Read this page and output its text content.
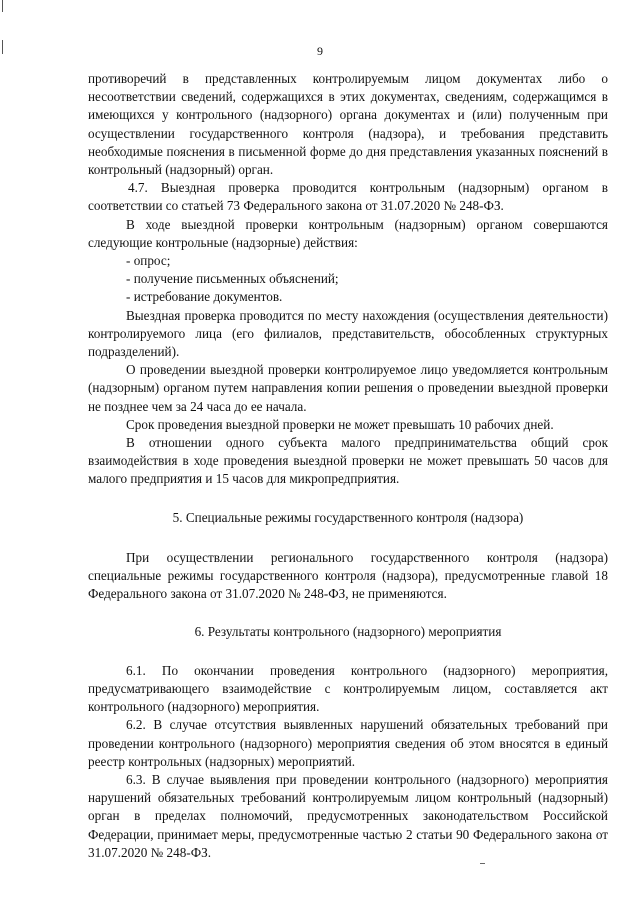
9

противоречий в представленных контролируемым лицом документах либо о несоответствии сведений, содержащихся в этих документах, сведениям, содержащимся в имеющихся у контрольного (надзорного) органа документах и (или) полученным при осуществлении государственного контроля (надзора), и требования представить необходимые пояснения в письменной форме до дня представления указанных пояснений в контрольный (надзорный) орган.

4.7. Выездная проверка проводится контрольным (надзорным) органом в соответствии со статьей 73 Федерального закона от 31.07.2020 № 248-ФЗ.

В ходе выездной проверки контрольным (надзорным) органом совершаются следующие контрольные (надзорные) действия:

- опрос;

- получение письменных объяснений;

- истребование документов.

Выездная проверка проводится по месту нахождения (осуществления деятельности) контролируемого лица (его филиалов, представительств, обособленных структурных подразделений).

О проведении выездной проверки контролируемое лицо уведомляется контрольным (надзорным) органом путем направления копии решения о проведении выездной проверки не позднее чем за 24 часа до ее начала.

Срок проведения выездной проверки не может превышать 10 рабочих дней.

В отношении одного субъекта малого предпринимательства общий срок взаимодействия в ходе проведения выездной проверки не может превышать 50 часов для малого предприятия и 15 часов для микропредприятия.

5. Специальные режимы государственного контроля (надзора)

При осуществлении регионального государственного контроля (надзора) специальные режимы государственного контроля (надзора), предусмотренные главой 18 Федерального закона от 31.07.2020 № 248-ФЗ, не применяются.

6. Результаты контрольного (надзорного) мероприятия

6.1. По окончании проведения контрольного (надзорного) мероприятия, предусматривающего взаимодействие с контролируемым лицом, составляется акт контрольного (надзорного) мероприятия.

6.2. В случае отсутствия выявленных нарушений обязательных требований при проведении контрольного (надзорного) мероприятия сведения об этом вносятся в единый реестр контрольных (надзорных) мероприятий.

6.3. В случае выявления при проведении контрольного (надзорного) мероприятия нарушений обязательных требований контролируемым лицом контрольный (надзорный) орган в пределах полномочий, предусмотренных законодательством Российской Федерации, принимает меры, предусмотренные частью 2 статьи 90 Федерального закона от 31.07.2020 № 248-ФЗ.
